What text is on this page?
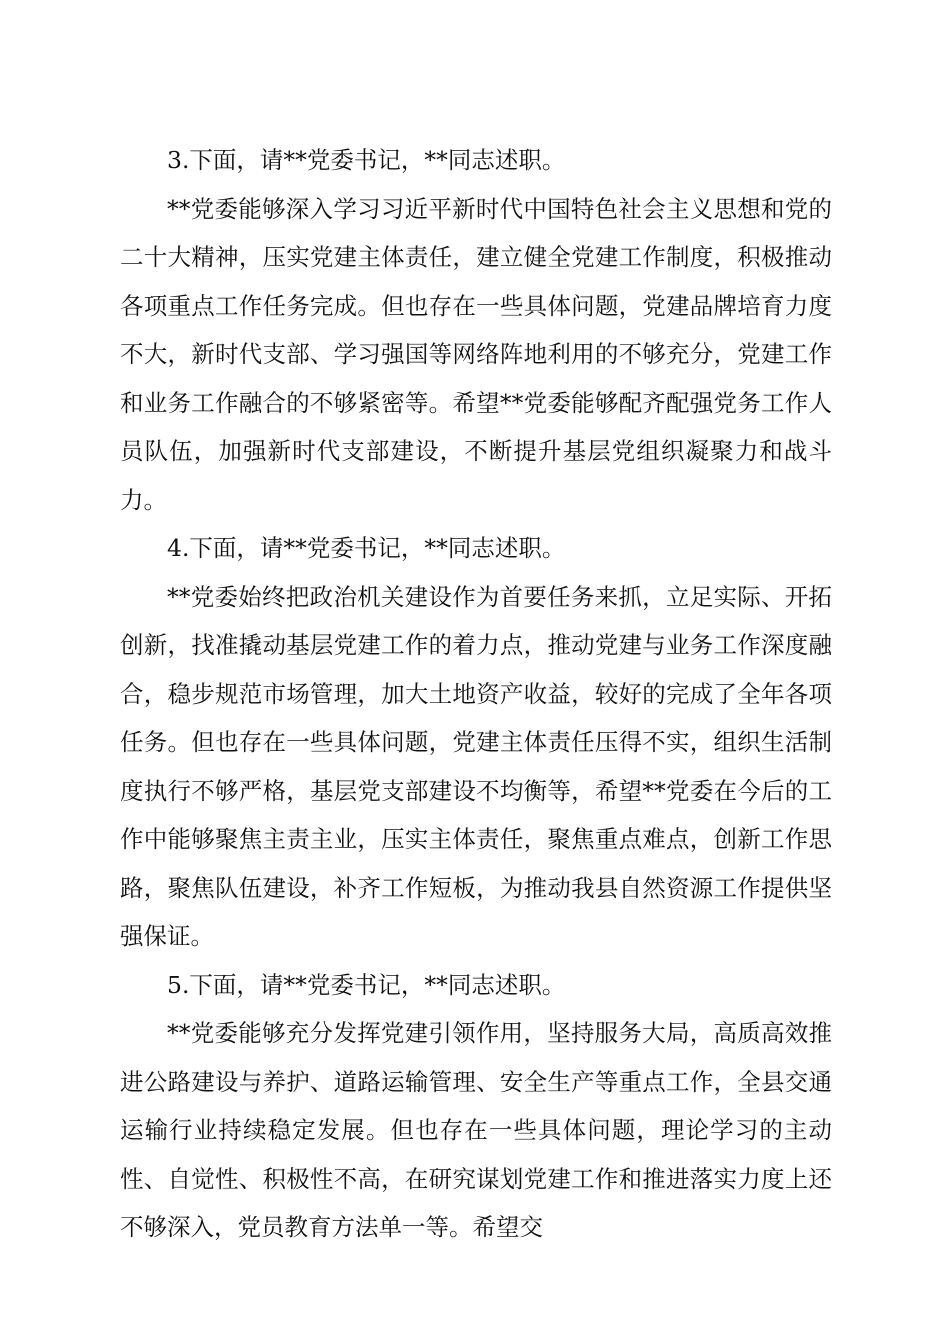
3.下面，请**党委书记，**同志述职。

**党委能够深入学习习近平新时代中国特色社会主义思想和党的二十大精神，压实党建主体责任，建立健全党建工作制度，积极推动各项重点工作任务完成。但也存在一些具体问题，党建品牌培育力度不大，新时代支部、学习强国等网络阵地利用的不够充分，党建工作和业务工作融合的不够紧密等。希望**党委能够配齐配强党务工作人员队伍，加强新时代支部建设，不断提升基层党组织凝聚力和战斗力。

4.下面，请**党委书记，**同志述职。

**党委始终把政治机关建设作为首要任务来抓，立足实际、开拓创新，找准撬动基层党建工作的着力点，推动党建与业务工作深度融合，稳步规范市场管理，加大土地资产收益，较好的完成了全年各项任务。但也存在一些具体问题，党建主体责任压得不实，组织生活制度执行不够严格，基层党支部建设不均衡等，希望**党委在今后的工作中能够聚焦主责主业，压实主体责任，聚焦重点难点，创新工作思路，聚焦队伍建设，补齐工作短板，为推动我县自然资源工作提供坚强保证。

5.下面，请**党委书记，**同志述职。

**党委能够充分发挥党建引领作用，坚持服务大局，高质高效推进公路建设与养护、道路运输管理、安全生产等重点工作，全县交通运输行业持续稳定发展。但也存在一些具体问题，理论学习的主动性、自觉性、积极性不高，在研究谋划党建工作和推进落实力度上还不够深入，党员教育方法单一等。希望交
